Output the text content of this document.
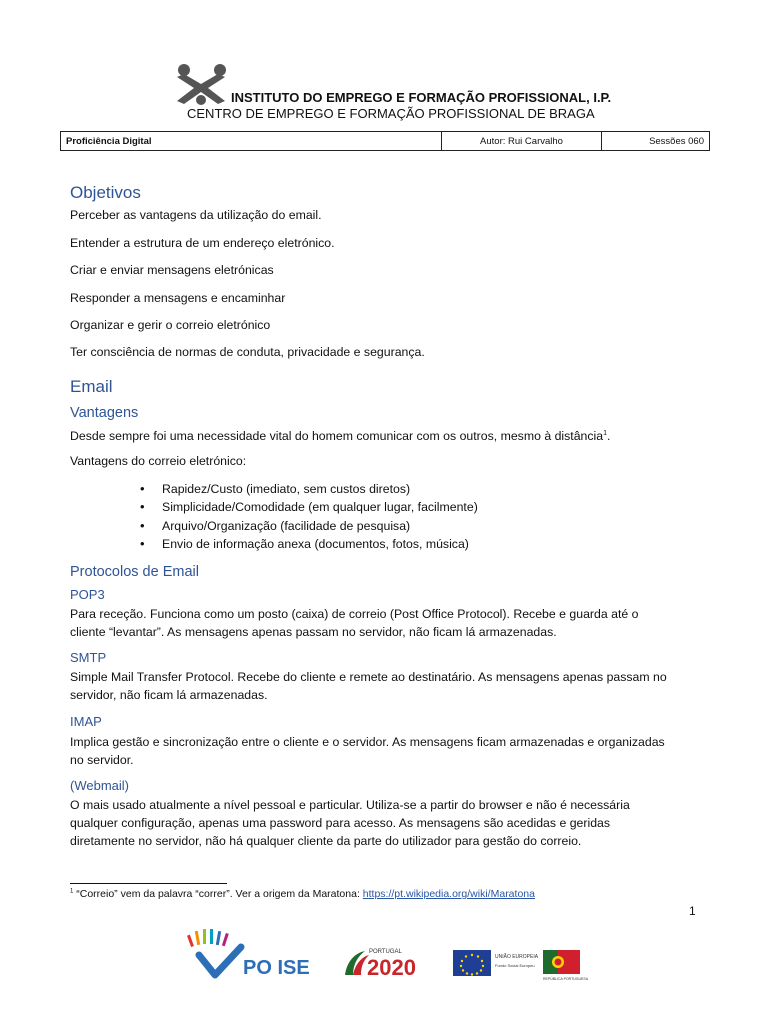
INSTITUTO DO EMPREGO E FORMAÇÃO PROFISSIONAL, I.P.
CENTRO DE EMPREGO E FORMAÇÃO PROFISSIONAL DE BRAGA
Proficiência Digital	Autor: Rui Carvalho	Sessões 060
Objetivos
Perceber as vantagens da utilização do email.
Entender a estrutura de um endereço eletrónico.
Criar e enviar mensagens eletrónicas
Responder a mensagens e encaminhar
Organizar e gerir o correio eletrónico
Ter consciência de normas de conduta, privacidade e segurança.
Email
Vantagens
Desde sempre foi uma necessidade vital do homem comunicar com os outros, mesmo à distância$^1$.
Vantagens do correio eletrónico:
• Rapidez/Custo (imediato, sem custos diretos)
• Simplicidade/Comodidade (em qualquer lugar, facilmente)
• Arquivo/Organização (facilidade de pesquisa)
• Envio de informação anexa (documentos, fotos, música)
Protocolos de Email
POP3
Para receção. Funciona como um posto (caixa) de correio (Post Office Protocol). Recebe e guarda até o
cliente “levantar”. As mensagens apenas passam no servidor, não ficam lá armazenadas.
SMTP
Simple Mail Transfer Protocol. Recebe do cliente e remete ao destinatário. As mensagens apenas passam no
servidor, não ficam lá armazenadas.
IMAP
Implica gestão e sincronização entre o cliente e o servidor. As mensagens ficam armazenadas e organizadas
no servidor.
(Webmail)
O mais usado atualmente a nível pessoal e particular. Utiliza-se a partir do browser e não é necessária
qualquer configuração, apenas uma password para acesso. As mensagens são acedidas e geridas
diretamente no servidor, não há qualquer cliente da parte do utilizador para gestão do correio.
$^1$ “Correio” vem da palavra “correr”. Ver a origem da Maratona: https://pt.wikipedia.org/wiki/Maratona
1
PO ISE
PORTUGAL
2020	UNIÃO EUROPEIA
Fundo Social Europeu
REPÚBLICA PORTUGUESA
